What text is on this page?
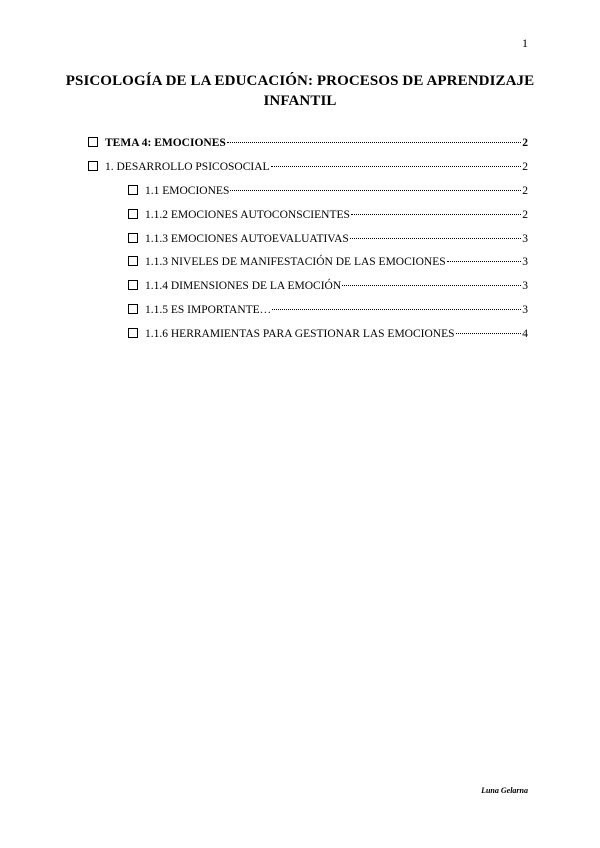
1
PSICOLOGÍA DE LA EDUCACIÓN: PROCESOS DE APRENDIZAJE
INFANTIL
TEMA 4: EMOCIONES	2
1. DESARROLLO PSICOSOCIAL	2
1.1 EMOCIONES	2
1.1.2 EMOCIONES AUTOCONSCIENTES	2
1.1.3 EMOCIONES AUTOEVALUATIVAS	3
1.1.3 NIVELES DE MANIFESTACIÓN DE LAS EMOCIONES	3
1.1.4 DIMENSIONES DE LA EMOCIÓN	3
1.1.5 ES IMPORTANTE…	3
1.1.6 HERRAMIENTAS PARA GESTIONAR LAS EMOCIONES	4
Luna Gelarna
